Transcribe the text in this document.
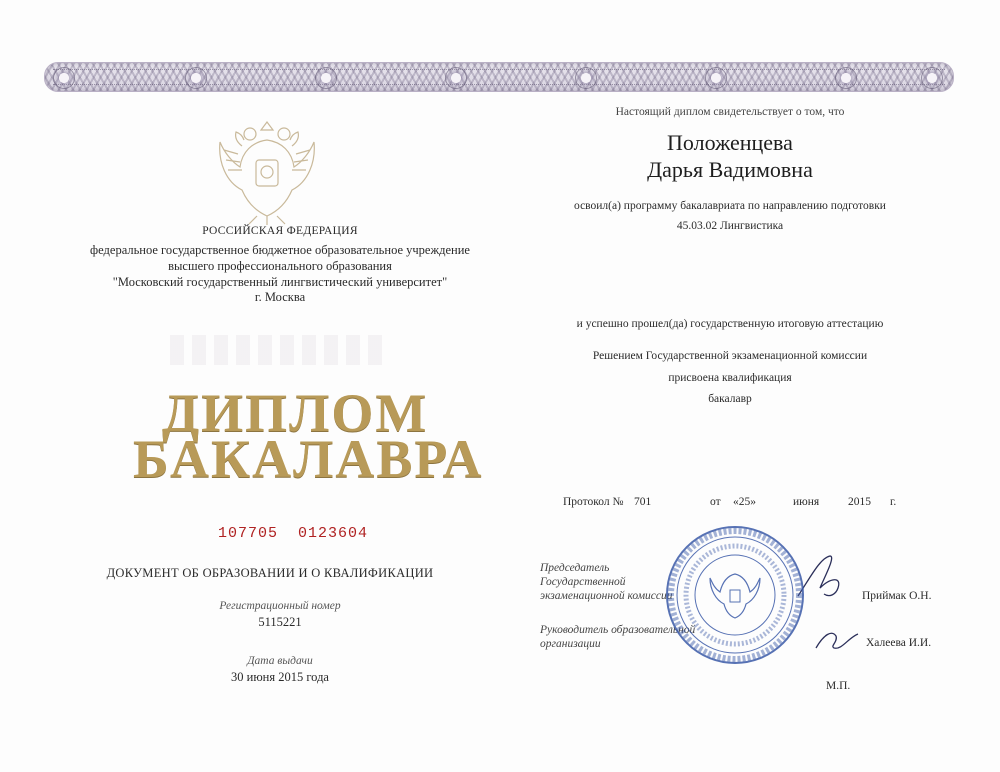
РОССИЙСКАЯ ФЕДЕРАЦИЯ
федеральное государственное бюджетное образовательное учреждение
высшего профессионального образования
"Московский государственный лингвистический университет"
г. Москва
ДИПЛОМ
БАКАЛАВРА
107705  0123604
ДОКУМЕНТ ОБ ОБРАЗОВАНИИ И О КВАЛИФИКАЦИИ
Регистрационный номер
5115221
Дата выдачи
30 июня 2015 года
Настоящий диплом свидетельствует о том, что
Положенцева
Дарья Вадимовна
освоил(а) программу бакалавриата по направлению подготовки
45.03.02 Лингвистика
и успешно прошел(да) государственную итоговую аттестацию
Решением Государственной экзаменационной комиссии
присвоена квалификация
бакалавр
Протокол № 701	от «25»	июня	2015 г.
Председатель
Государственной
экзаменационной комиссии	Приймак О.Н.
Руководитель образовательной
организации	Халеева И.И.
М.П.
